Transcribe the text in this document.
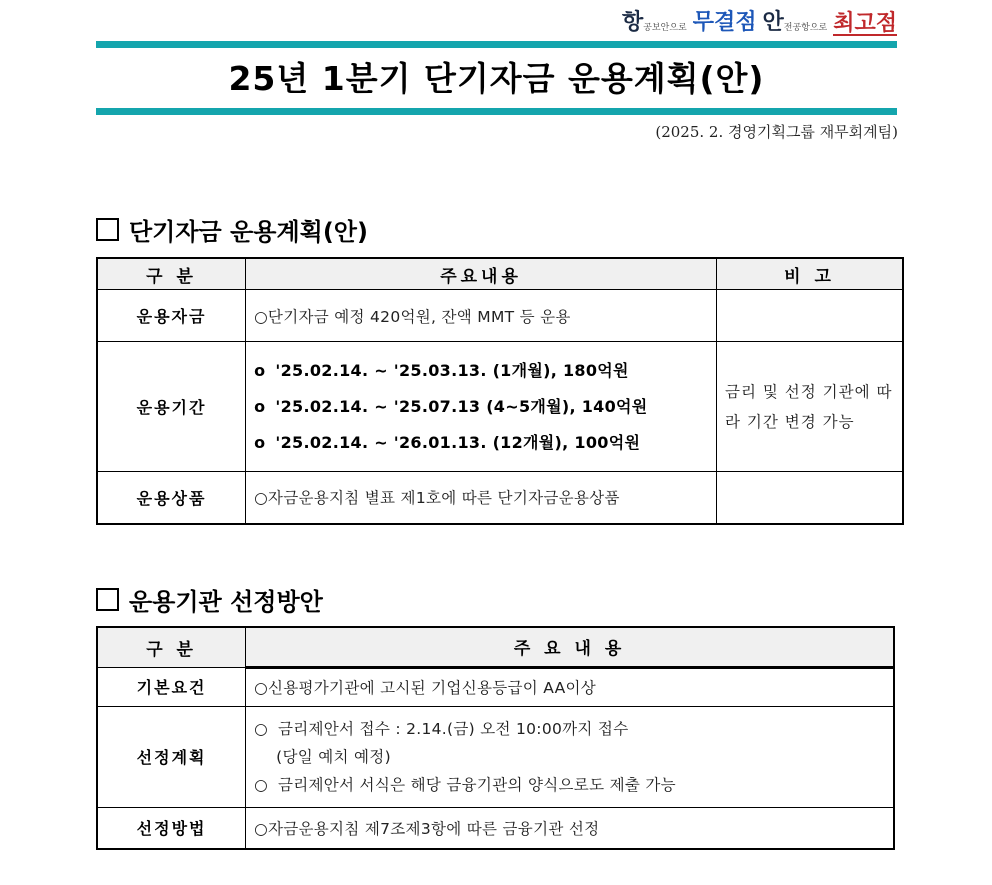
항 공보안으로 무결점 안 전공항으로 최고점
25년 1분기 단기자금 운용계획(안)
(2025. 2. 경영기획그룹 재무회계팀)
단기자금 운용계획(안)
구 분	주요내용	비 고
운용자금	○단기자금 예정 420억원, 잔액 MMT 등 운용	
운용기간	o '25.02.14. ~ '25.03.13. (1개월), 180억원
o '25.02.14. ~ '25.07.13 (4~5개월), 140억원
o '25.02.14. ~ '26.01.13. (12개월), 100억원	금리 및 선정 기관에 따라 기간 변경 가능
운용상품	○자금운용지침 별표 제1호에 따른 단기자금운용상품	
운용기관 선정방안
구 분	주 요 내 용
기본요건	○신용평가기관에 고시된 기업신용등급이 AA이상
선정계획	○ 금리제안서 접수 : 2.14.(금) 오전 10:00까지 접수
(당일 예치 예정)
○ 금리제안서 서식은 해당 금융기관의 양식으로도 제출 가능

선정방법	○자금운용지침 제7조제3항에 따른 금융기관 선정
